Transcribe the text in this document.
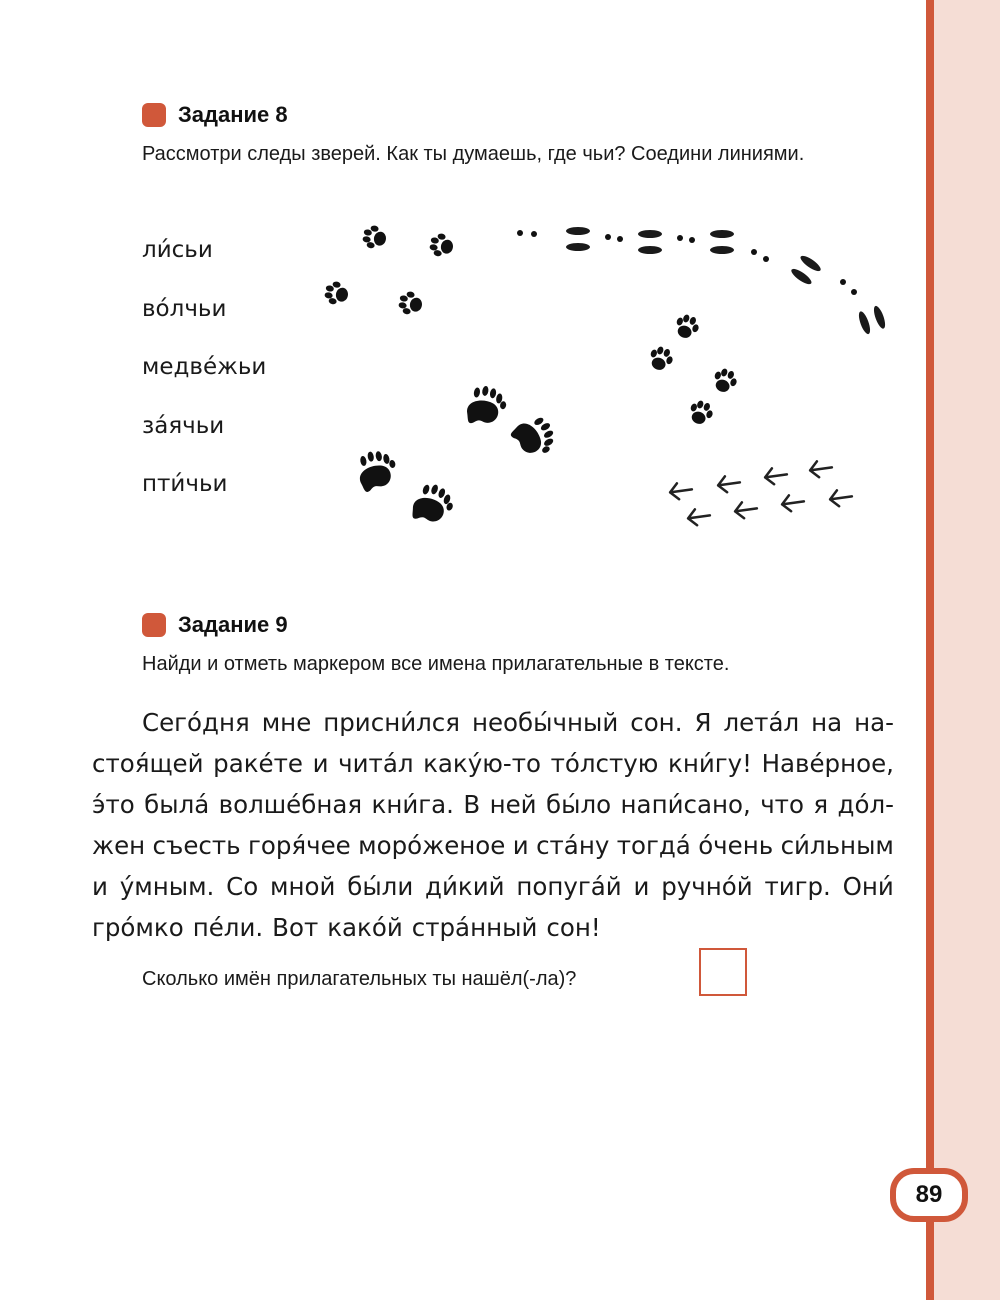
89
Задание 8
Рассмотри следы зверей. Как ты думаешь, где чьи? Соедини линиями.
ли́сьи
во́лчьи
медве́жьи
за́ячьи
пти́чьи
Задание 9
Найди и отметь маркером все имена прилагательные в тексте.
Сего́дня мне присни́лся необы́чный сон. Я лета́л на на-
стоя́щей раке́те и чита́л каку́ю-то то́лстую кни́гу! Наве́рное,
э́то была́ волше́бная кни́га. В ней бы́ло напи́сано, что я до́л-
жен съесть горя́чее моро́женое и ста́ну тогда́ о́чень си́льным
и у́мным. Со мной бы́ли ди́кий попуга́й и ручно́й тигр. Они́
гро́мко пе́ли. Вот како́й стра́нный сон!
Сколько имён прилагательных ты нашёл(-ла)?
